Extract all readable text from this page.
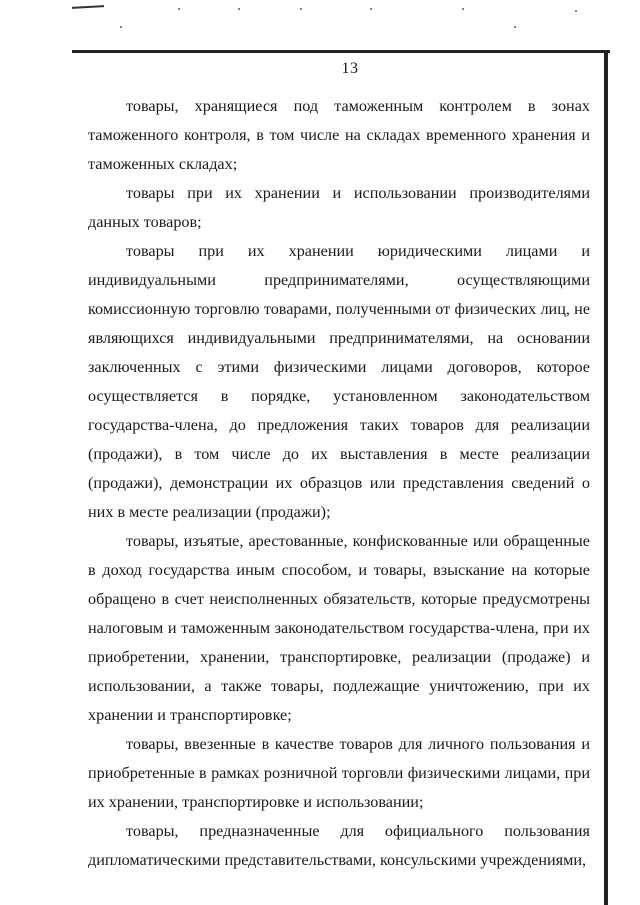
13

товары, хранящиеся под таможенным контролем в зонах таможенного контроля, в том числе на складах временного хранения и таможенных складах;

товары при их хранении и использовании производителями данных товаров;

товары при их хранении юридическими лицами и индивидуальными предпринимателями, осуществляющими комиссионную торговлю товарами, полученными от физических лиц, не являющихся индивидуальными предпринимателями, на основании заключенных с этими физическими лицами договоров, которое осуществляется в порядке, установленном законодательством государства-члена, до предложения таких товаров для реализации (продажи), в том числе до их выставления в месте реализации (продажи), демонстрации их образцов или представления сведений о них в месте реализации (продажи);

товары, изъятые, арестованные, конфискованные или обращенные в доход государства иным способом, и товары, взыскание на которые обращено в счет неисполненных обязательств, которые предусмотрены налоговым и таможенным законодательством государства-члена, при их приобретении, хранении, транспортировке, реализации (продаже) и использовании, а также товары, подлежащие уничтожению, при их хранении и транспортировке;

товары, ввезенные в качестве товаров для личного пользования и приобретенные в рамках розничной торговли физическими лицами, при их хранении, транспортировке и использовании;

товары, предназначенные для официального пользования дипломатическими представительствами, консульскими учреждениями,
